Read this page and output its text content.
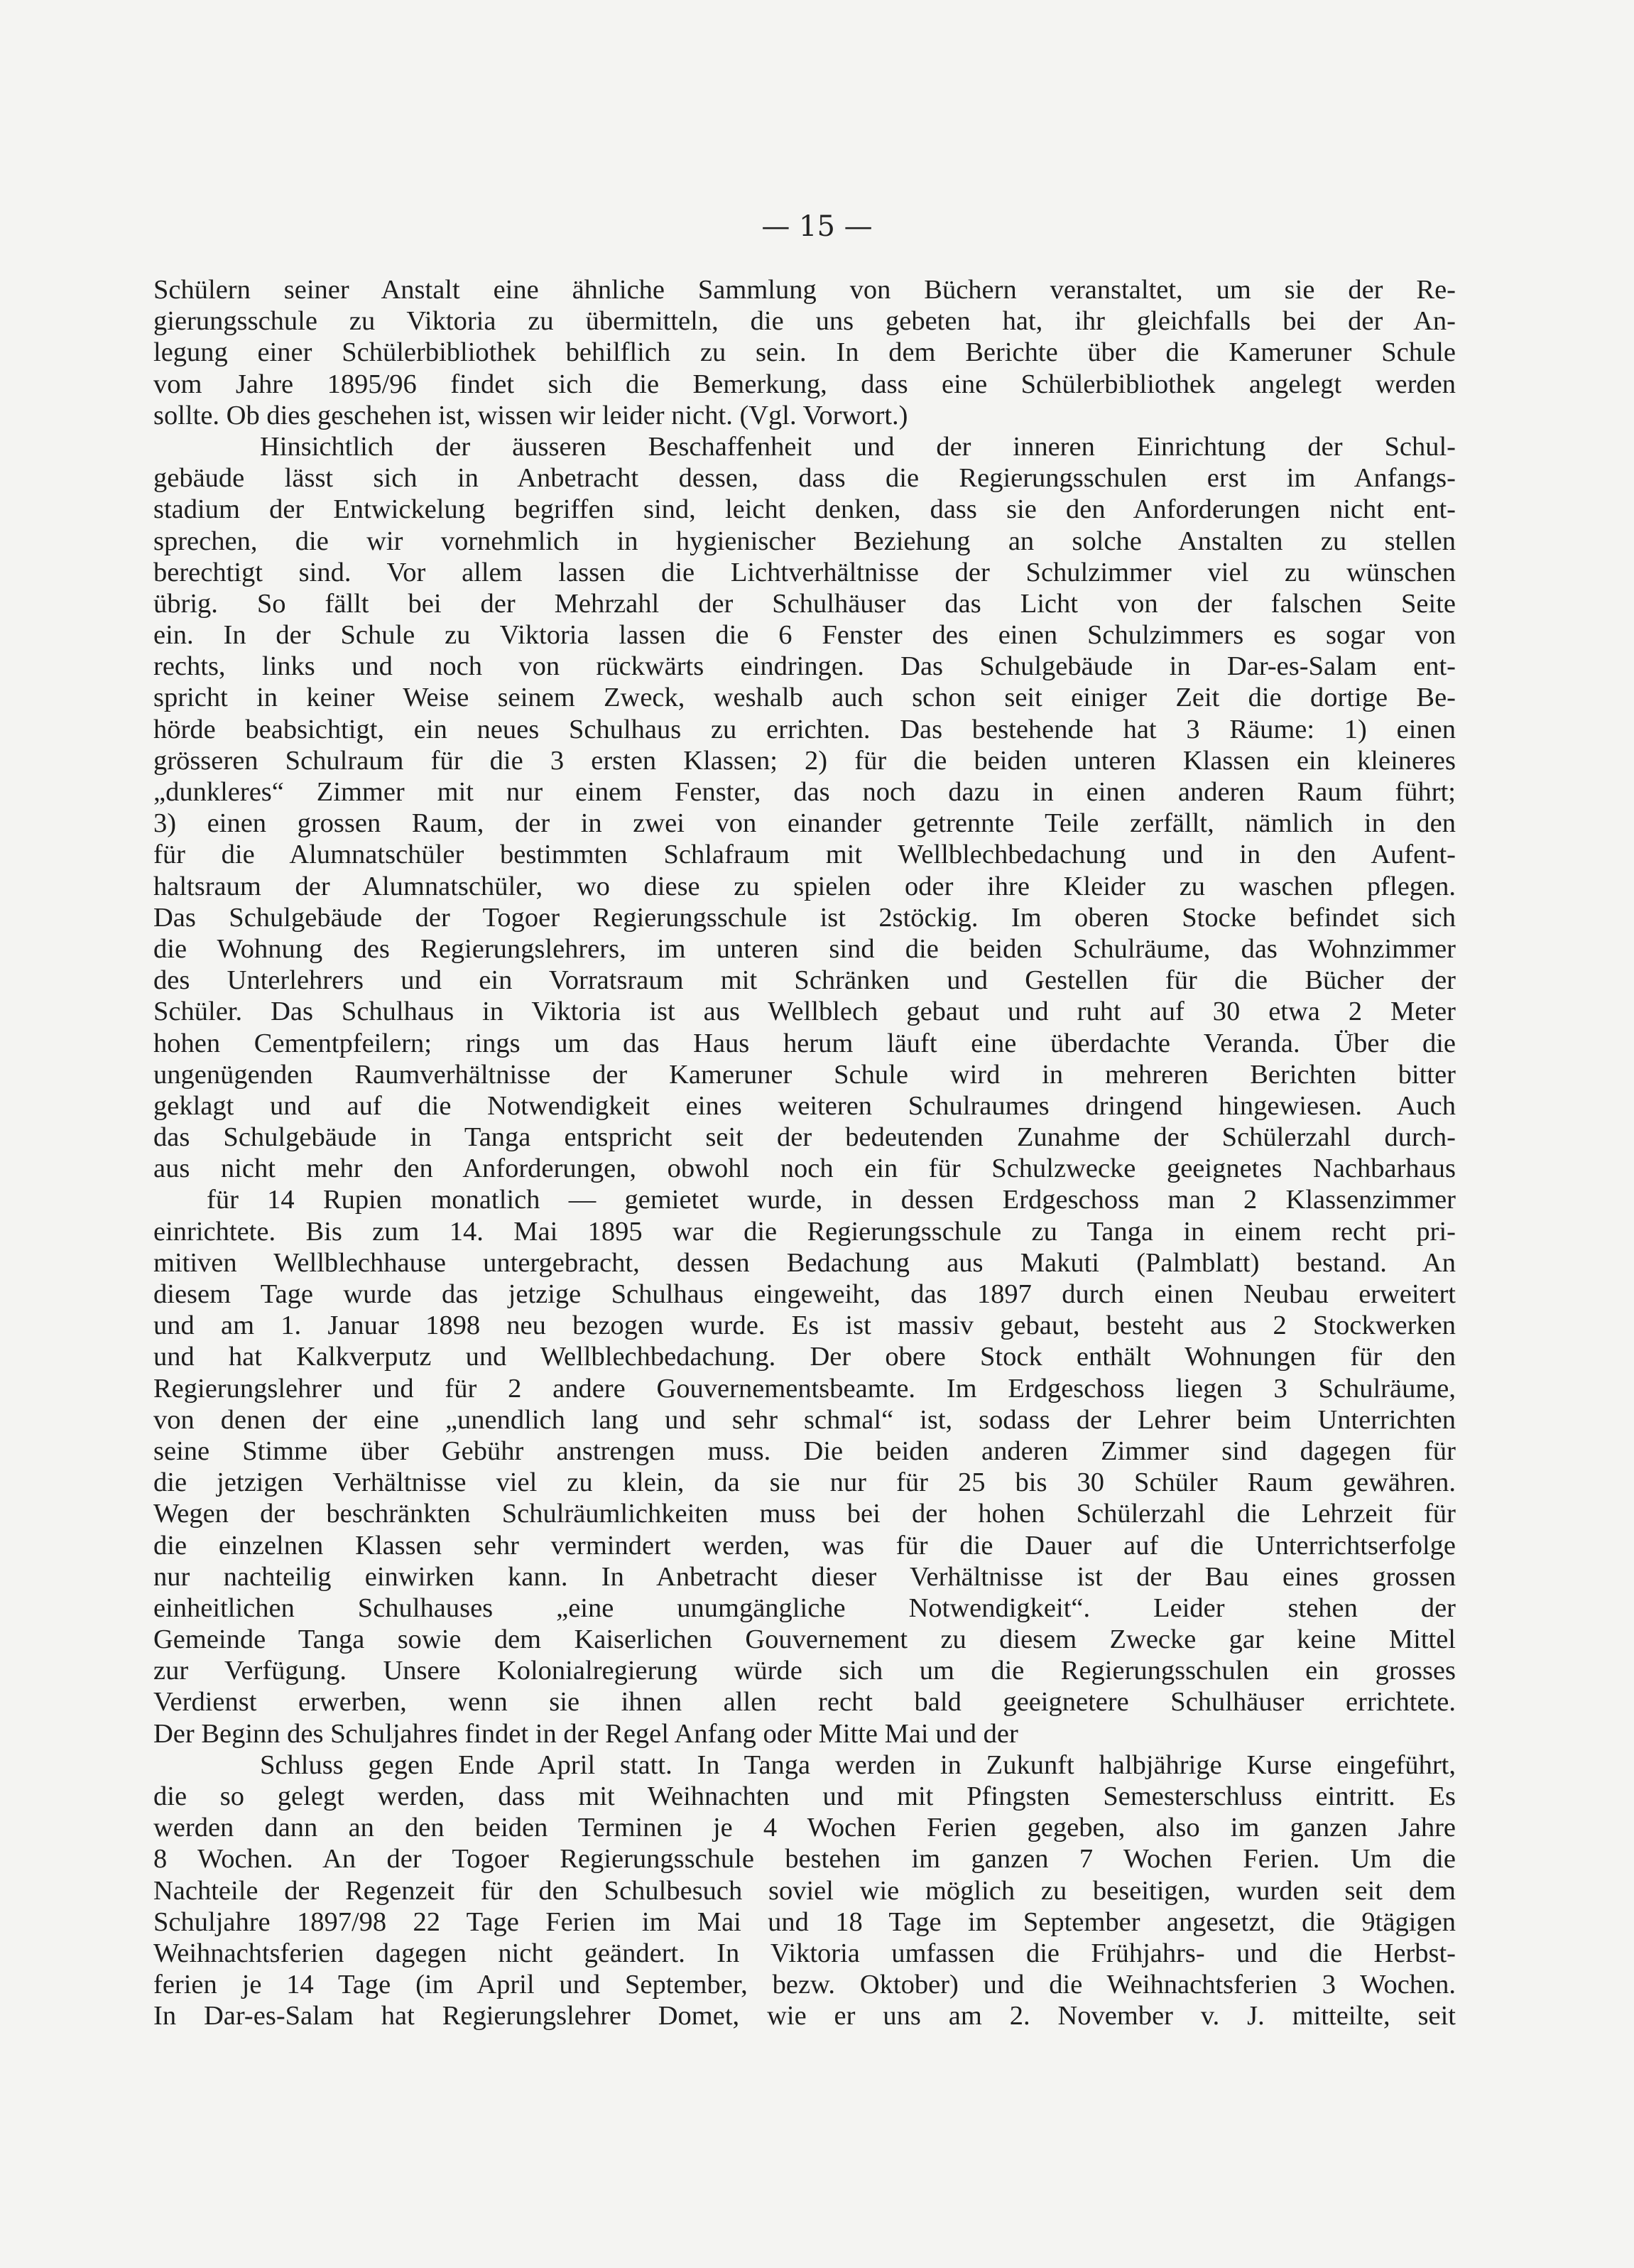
— 15 —
Schülern seiner Anstalt eine ähnliche Sammlung von Büchern veranstaltet, um sie der Re-
gierungsschule zu Viktoria zu übermitteln, die uns gebeten hat, ihr gleichfalls bei der An-
legung einer Schülerbibliothek behilflich zu sein. In dem Berichte über die Kameruner Schule
vom Jahre 1895/96 findet sich die Bemerkung, dass eine Schülerbibliothek angelegt werden
sollte. Ob dies geschehen ist, wissen wir leider nicht. (Vgl. Vorwort.)
Hinsichtlich der äusseren Beschaffenheit und der inneren Einrichtung der Schul-
gebäude lässt sich in Anbetracht dessen, dass die Regierungsschulen erst im Anfangs-
stadium der Entwickelung begriffen sind, leicht denken, dass sie den Anforderungen nicht ent-
sprechen, die wir vornehmlich in hygienischer Beziehung an solche Anstalten zu stellen
berechtigt sind. Vor allem lassen die Lichtverhältnisse der Schulzimmer viel zu wünschen
übrig. So fällt bei der Mehrzahl der Schulhäuser das Licht von der falschen Seite
ein. In der Schule zu Viktoria lassen die 6 Fenster des einen Schulzimmers es sogar von
rechts, links und noch von rückwärts eindringen. Das Schulgebäude in Dar-es-Salam ent-
spricht in keiner Weise seinem Zweck, weshalb auch schon seit einiger Zeit die dortige Be-
hörde beabsichtigt, ein neues Schulhaus zu errichten. Das bestehende hat 3 Räume: 1) einen
grösseren Schulraum für die 3 ersten Klassen; 2) für die beiden unteren Klassen ein kleineres
„dunkleres“ Zimmer mit nur einem Fenster, das noch dazu in einen anderen Raum führt;
3) einen grossen Raum, der in zwei von einander getrennte Teile zerfällt, nämlich in den
für die Alumnatschüler bestimmten Schlafraum mit Wellblechbedachung und in den Aufent-
haltsraum der Alumnatschüler, wo diese zu spielen oder ihre Kleider zu waschen pflegen.
Das Schulgebäude der Togoer Regierungsschule ist 2stöckig. Im oberen Stocke befindet sich
die Wohnung des Regierungslehrers, im unteren sind die beiden Schulräume, das Wohnzimmer
des Unterlehrers und ein Vorratsraum mit Schränken und Gestellen für die Bücher der
Schüler. Das Schulhaus in Viktoria ist aus Wellblech gebaut und ruht auf 30 etwa 2 Meter
hohen Cementpfeilern; rings um das Haus herum läuft eine überdachte Veranda. Über die
ungenügenden Raumverhältnisse der Kameruner Schule wird in mehreren Berichten bitter
geklagt und auf die Notwendigkeit eines weiteren Schulraumes dringend hingewiesen. Auch
das Schulgebäude in Tanga entspricht seit der bedeutenden Zunahme der Schülerzahl durch-
aus nicht mehr den Anforderungen, obwohl noch ein für Schulzwecke geeignetes Nachbarhaus
für 14 Rupien monatlich — gemietet wurde, in dessen Erdgeschoss man 2 Klassenzimmer
einrichtete. Bis zum 14. Mai 1895 war die Regierungsschule zu Tanga in einem recht pri-
mitiven Wellblechhause untergebracht, dessen Bedachung aus Makuti (Palmblatt) bestand. An
diesem Tage wurde das jetzige Schulhaus eingeweiht, das 1897 durch einen Neubau erweitert
und am 1. Januar 1898 neu bezogen wurde. Es ist massiv gebaut, besteht aus 2 Stockwerken
und hat Kalkverputz und Wellblechbedachung. Der obere Stock enthält Wohnungen für den
Regierungslehrer und für 2 andere Gouvernementsbeamte. Im Erdgeschoss liegen 3 Schulräume,
von denen der eine „unendlich lang und sehr schmal“ ist, sodass der Lehrer beim Unterrichten
seine Stimme über Gebühr anstrengen muss. Die beiden anderen Zimmer sind dagegen für
die jetzigen Verhältnisse viel zu klein, da sie nur für 25 bis 30 Schüler Raum gewähren.
Wegen der beschränkten Schulräumlichkeiten muss bei der hohen Schülerzahl die Lehrzeit für
die einzelnen Klassen sehr vermindert werden, was für die Dauer auf die Unterrichtserfolge
nur nachteilig einwirken kann. In Anbetracht dieser Verhältnisse ist der Bau eines grossen
einheitlichen Schulhauses „eine unumgängliche Notwendigkeit“. Leider stehen der
Gemeinde Tanga sowie dem Kaiserlichen Gouvernement zu diesem Zwecke gar keine Mittel
zur Verfügung. Unsere Kolonialregierung würde sich um die Regierungsschulen ein grosses
Verdienst erwerben, wenn sie ihnen allen recht bald geeignetere Schulhäuser errichtete.
Der Beginn des Schuljahres findet in der Regel Anfang oder Mitte Mai und der
Schluss gegen Ende April statt. In Tanga werden in Zukunft halbjährige Kurse eingeführt,
die so gelegt werden, dass mit Weihnachten und mit Pfingsten Semesterschluss eintritt. Es
werden dann an den beiden Terminen je 4 Wochen Ferien gegeben, also im ganzen Jahre
8 Wochen. An der Togoer Regierungsschule bestehen im ganzen 7 Wochen Ferien. Um die
Nachteile der Regenzeit für den Schulbesuch soviel wie möglich zu beseitigen, wurden seit dem
Schuljahre 1897/98 22 Tage Ferien im Mai und 18 Tage im September angesetzt, die 9tägigen
Weihnachtsferien dagegen nicht geändert. In Viktoria umfassen die Frühjahrs- und die Herbst-
ferien je 14 Tage (im April und September, bezw. Oktober) und die Weihnachtsferien 3 Wochen.
In Dar-es-Salam hat Regierungslehrer Domet, wie er uns am 2. November v. J. mitteilte, seit
